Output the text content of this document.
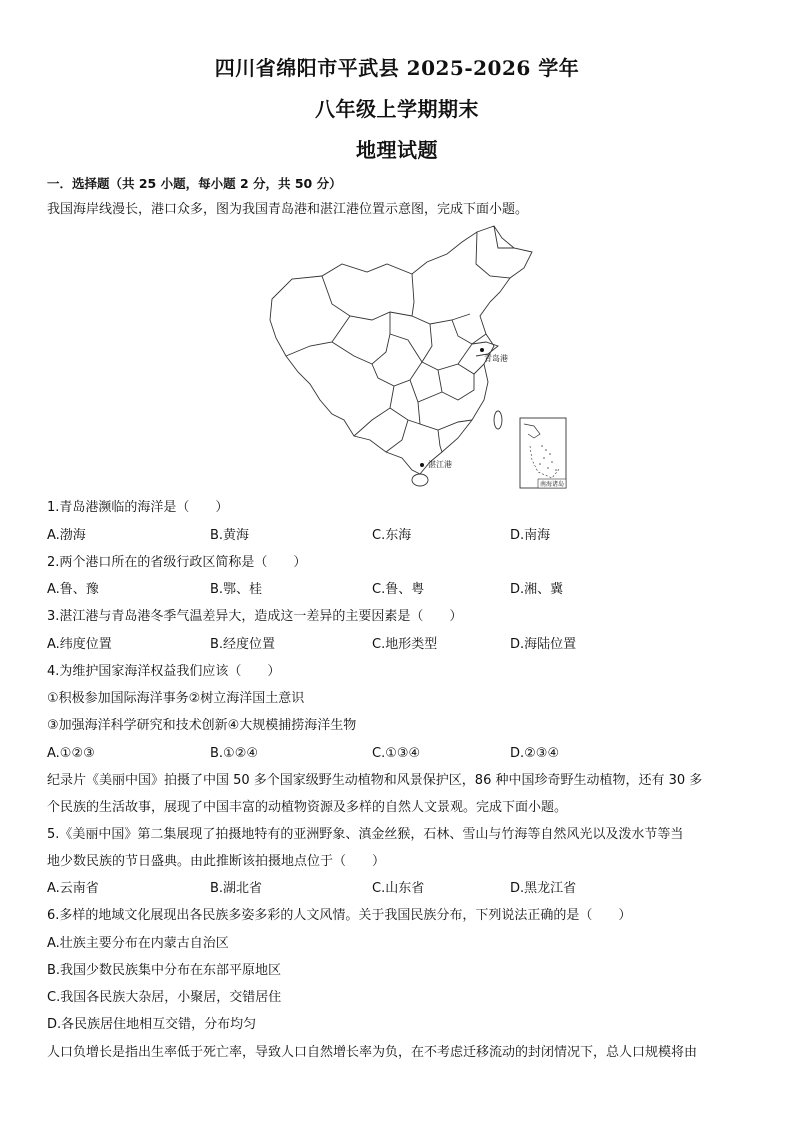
四川省绵阳市平武县 2025-2026 学年
八年级上学期期末
地理试题
一．选择题（共 25 小题，每小题 2 分，共 50 分）
我国海岸线漫长，港口众多，图为我国青岛港和湛江港位置示意图，完成下面小题。
青岛港
湛江港
南海诸岛
1.青岛港濒临的海洋是（　　）
A.渤海	B.黄海	C.东海	D.南海
2.两个港口所在的省级行政区简称是（　　）
A.鲁、豫	B.鄂、桂	C.鲁、粤	D.湘、冀
3.湛江港与青岛港冬季气温差异大，造成这一差异的主要因素是（　　）
A.纬度位置	B.经度位置	C.地形类型	D.海陆位置
4.为维护国家海洋权益我们应该（　　）
①积极参加国际海洋事务②树立海洋国土意识
③加强海洋科学研究和技术创新④大规模捕捞海洋生物
A.①②③	B.①②④	C.①③④	D.②③④
纪录片《美丽中国》拍摄了中国 50 多个国家级野生动植物和风景保护区，86 种中国珍奇野生动植物，还有 30 多
个民族的生活故事，展现了中国丰富的动植物资源及多样的自然人文景观。完成下面小题。
5.《美丽中国》第二集展现了拍摄地特有的亚洲野象、滇金丝猴，石林、雪山与竹海等自然风光以及泼水节等当
地少数民族的节日盛典。由此推断该拍摄地点位于（　　）
A.云南省	B.湖北省	C.山东省	D.黑龙江省
6.多样的地域文化展现出各民族多姿多彩的人文风情。关于我国民族分布，下列说法正确的是（　　）
A.壮族主要分布在内蒙古自治区
B.我国少数民族集中分布在东部平原地区
C.我国各民族大杂居，小聚居，交错居住
D.各民族居住地相互交错，分布均匀
人口负增长是指出生率低于死亡率，导致人口自然增长率为负，在不考虑迁移流动的封闭情况下，总人口规模将由
